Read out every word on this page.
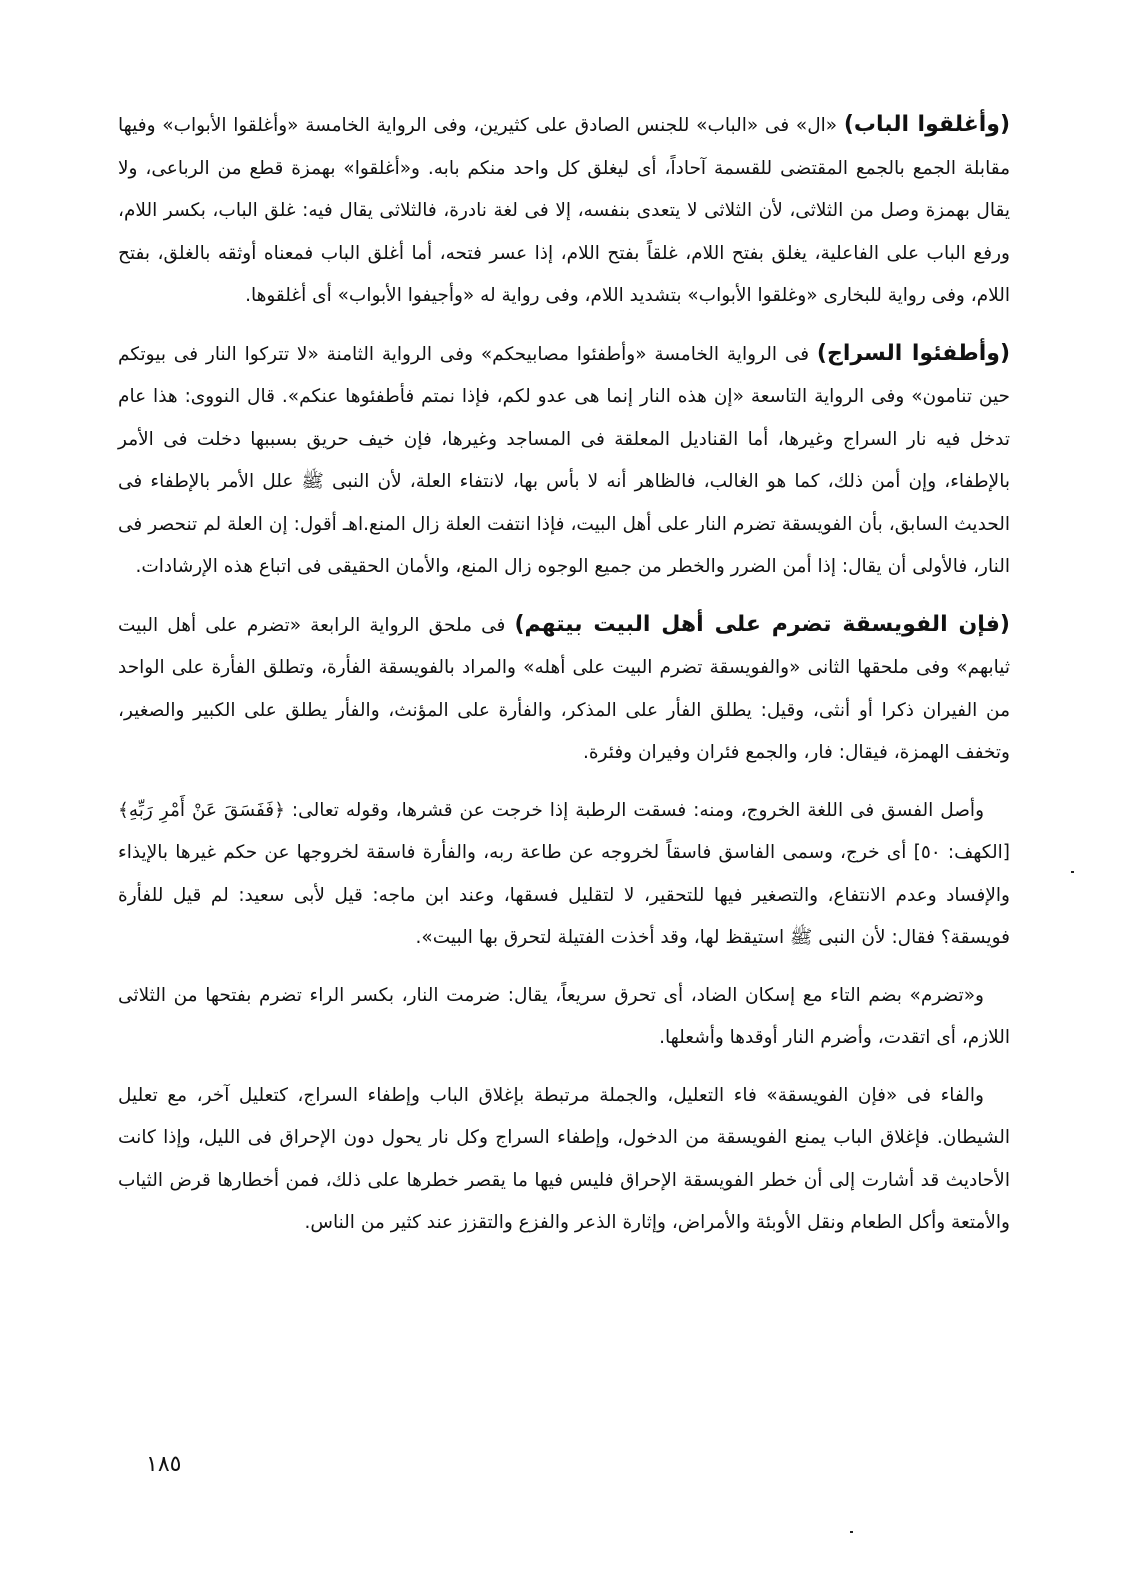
(وأغلقوا الباب) «ال» فى «الباب» للجنس الصادق على كثيرين، وفى الرواية الخامسة «وأغلقوا الأبواب» وفيها مقابلة الجمع بالجمع المقتضى للقسمة آحاداً، أى ليغلق كل واحد منكم بابه. و«أغلقوا» بهمزة قطع من الرباعى، ولا يقال بهمزة وصل من الثلاثى، لأن الثلاثى لا يتعدى بنفسه، إلا فى لغة نادرة، فالثلاثى يقال فيه: غلق الباب، بكسر اللام، ورفع الباب على الفاعلية، يغلق بفتح اللام، غلقاً بفتح اللام، إذا عسر فتحه، أما أغلق الباب فمعناه أوثقه بالغلق، بفتح اللام، وفى رواية للبخارى «وغلقوا الأبواب» بتشديد اللام، وفى رواية له «وأجيفوا الأبواب» أى أغلقوها.

(وأطفئوا السراج) فى الرواية الخامسة «وأطفئوا مصابيحكم» وفى الرواية الثامنة «لا تتركوا النار فى بيوتكم حين تنامون» وفى الرواية التاسعة «إن هذه النار إنما هى عدو لكم، فإذا نمتم فأطفئوها عنكم». قال النووى: هذا عام تدخل فيه نار السراج وغيرها، أما القناديل المعلقة فى المساجد وغيرها، فإن خيف حريق بسببها دخلت فى الأمر بالإطفاء، وإن أمن ذلك، كما هو الغالب، فالظاهر أنه لا بأس بها، لانتفاء العلة، لأن النبى ﷺ علل الأمر بالإطفاء فى الحديث السابق، بأن الفويسقة تضرم النار على أهل البيت، فإذا انتفت العلة زال المنع.اهـ أقول: إن العلة لم تنحصر فى النار، فالأولى أن يقال: إذا أمن الضرر والخطر من جميع الوجوه زال المنع، والأمان الحقيقى فى اتباع هذه الإرشادات.

(فإن الفويسقة تضرم على أهل البيت بيتهم) فى ملحق الرواية الرابعة «تضرم على أهل البيت ثيابهم» وفى ملحقها الثانى «والفويسقة تضرم البيت على أهله» والمراد بالفويسقة الفأرة، وتطلق الفأرة على الواحد من الفيران ذكرا أو أنثى، وقيل: يطلق الفأر على المذكر، والفأرة على المؤنث، والفأر يطلق على الكبير والصغير، وتخفف الهمزة، فيقال: فار، والجمع فئران وفيران وفئرة.

وأصل الفسق فى اللغة الخروج، ومنه: فسقت الرطبة إذا خرجت عن قشرها، وقوله تعالى: ﴿فَفَسَقَ عَنْ أَمْرِ رَبِّهِ﴾ [الكهف: ٥٠] أى خرج، وسمى الفاسق فاسقاً لخروجه عن طاعة ربه، والفأرة فاسقة لخروجها عن حكم غيرها بالإيذاء والإفساد وعدم الانتفاع، والتصغير فيها للتحقير، لا لتقليل فسقها، وعند ابن ماجه: قيل لأبى سعيد: لم قيل للفأرة فويسقة؟ فقال: لأن النبى ﷺ استيقظ لها، وقد أخذت الفتيلة لتحرق بها البيت».

و«تضرم» بضم التاء مع إسكان الضاد، أى تحرق سريعاً، يقال: ضرمت النار، بكسر الراء تضرم بفتحها من الثلاثى اللازم، أى اتقدت، وأضرم النار أوقدها وأشعلها.

والفاء فى «فإن الفويسقة» فاء التعليل، والجملة مرتبطة بإغلاق الباب وإطفاء السراج، كتعليل آخر، مع تعليل الشيطان. فإغلاق الباب يمنع الفويسقة من الدخول، وإطفاء السراج وكل نار يحول دون الإحراق فى الليل، وإذا كانت الأحاديث قد أشارت إلى أن خطر الفويسقة الإحراق فليس فيها ما يقصر خطرها على ذلك، فمن أخطارها قرض الثياب والأمتعة وأكل الطعام ونقل الأوبئة والأمراض، وإثارة الذعر والفزع والتقزز عند كثير من الناس.

١٨٥
